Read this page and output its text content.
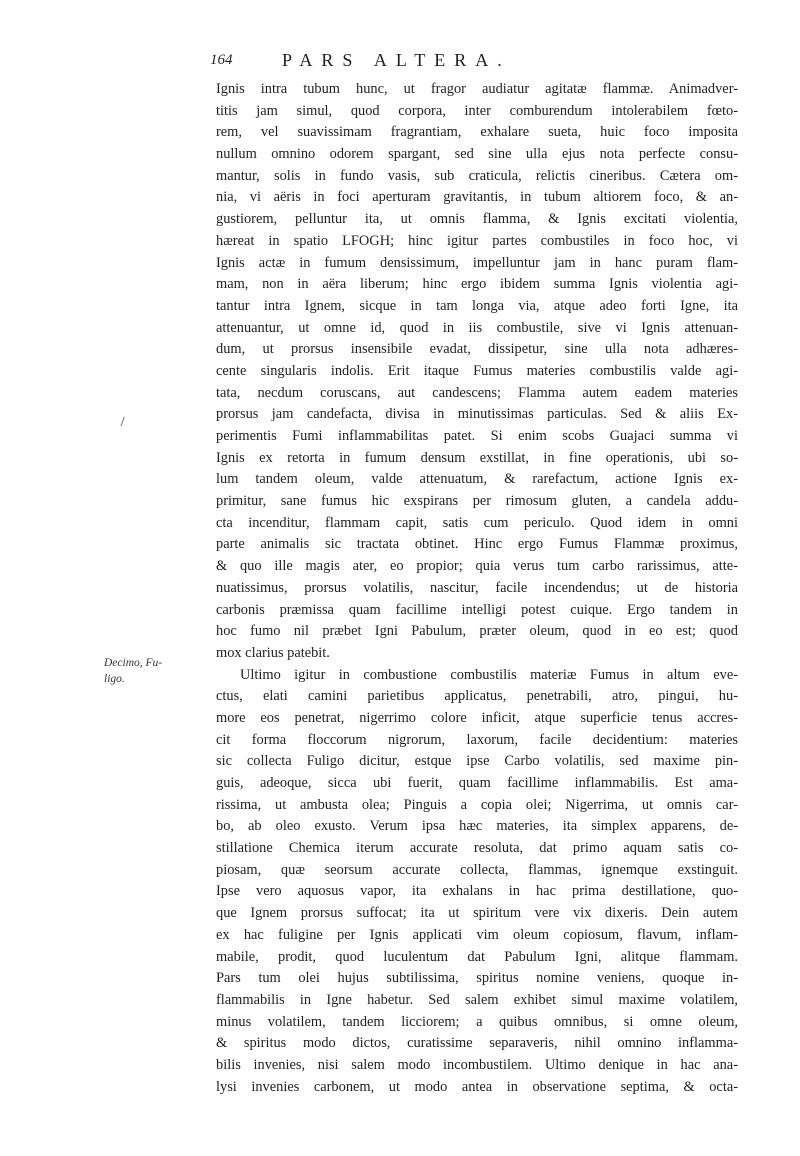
164	PARS ALTERA.
Decimo, Fu-
ligo.
Ignis intra tubum hunc, ut fragor audiatur agitatæ flammæ. Animadver-
titis jam simul, quod corpora, inter comburendum intolerabilem fœto-
rem, vel suavissimam fragrantiam, exhalare sueta, huic foco imposita
nullum omnino odorem spargant, sed sine ulla ejus nota perfecte consu-
mantur, solis in fundo vasis, sub craticula, relictis cineribus. Cætera om-
nia, vi aëris in foci aperturam gravitantis, in tubum altiorem foco, & an-
gustiorem, pelluntur ita, ut omnis flamma, & Ignis excitati violentia,
hæreat in spatio LFOGH; hinc igitur partes combustiles in foco hoc, vi
Ignis actæ in fumum densissimum, impelluntur jam in hanc puram flam-
mam, non in aëra liberum; hinc ergo ibidem summa Ignis violentia agi-
tantur intra Ignem, sicque in tam longa via, atque adeo forti Igne, ita
attenuantur, ut omne id, quod in iis combustile, sive vi Ignis attenuan-
dum, ut prorsus insensibile evadat, dissipetur, sine ulla nota adhæres-
cente singularis indolis. Erit itaque Fumus materies combustilis valde agi-
tata, necdum coruscans, aut candescens; Flamma autem eadem materies
prorsus jam candefacta, divisa in minutissimas particulas. Sed & aliis Ex-
perimentis Fumi inflammabilitas patet. Si enim scobs Guajaci summa vi
Ignis ex retorta in fumum densum exstillat, in fine operationis, ubi so-
lum tandem oleum, valde attenuatum, & rarefactum, actione Ignis ex-
primitur, sane fumus hic exspirans per rimosum gluten, a candela addu-
cta incenditur, flammam capit, satis cum periculo. Quod idem in omni
parte animalis sic tractata obtinet. Hinc ergo Fumus Flammæ proximus,
& quo ille magis ater, eo propior; quia verus tum carbo rarissimus, atte-
nuatissimus, prorsus volatilis, nascitur, facile incendendus; ut de historia
carbonis præmissa quam facillime intelligi potest cuique. Ergo tandem in
hoc fumo nil præbet Igni Pabulum, præter oleum, quod in eo est; quod
mox clarius patebit.
Ultimo igitur in combustione combustilis materiæ Fumus in altum eve-
ctus, elati camini parietibus applicatus, penetrabili, atro, pingui, hu-
more eos penetrat, nigerrimo colore inficit, atque superficie tenus accres-
cit forma floccorum nigrorum, laxorum, facile decidentium: materies
sic collecta Fuligo dicitur, estque ipse Carbo volatilis, sed maxime pin-
guis, adeoque, sicca ubi fuerit, quam facillime inflammabilis. Est ama-
rissima, ut ambusta olea; Pinguis a copia olei; Nigerrima, ut omnis car-
bo, ab oleo exusto. Verum ipsa hæc materies, ita simplex apparens, de-
stillatione Chemica iterum accurate resoluta, dat primo aquam satis co-
piosam, quæ seorsum accurate collecta, flammas, ignemque exstinguit.
Ipse vero aquosus vapor, ita exhalans in hac prima destillatione, quo-
que Ignem prorsus suffocat; ita ut spiritum vere vix dixeris. Dein autem
ex hac fuligine per Ignis applicati vim oleum copiosum, flavum, inflam-
mabile, prodit, quod luculentum dat Pabulum Igni, alitque flammam.
Pars tum olei hujus subtilissima, spiritus nomine veniens, quoque in-
flammabilis in Igne habetur. Sed salem exhibet simul maxime volatilem,
minus volatilem, tandem licciorem; a quibus omnibus, si omne oleum,
& spiritus modo dictos, curatissime separaveris, nihil omnino inflamma-
bilis invenies, nisi salem modo incombustilem. Ultimo denique in hac ana-
lysi invenies carbonem, ut modo antea in observatione septima, & octa-
